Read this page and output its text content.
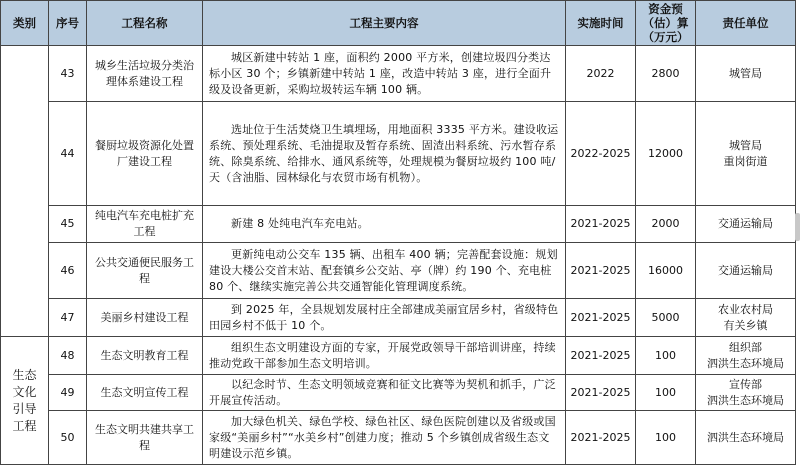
类别	序号	工程名称	工程主要内容	实施时间	资金预（估）算（万元）	责任单位
	43	城乡生活垃圾分类治理体系建设工程	城区新建中转站 1 座，面积约 2000 平方米，创建垃圾四分类达标小区 30 个；乡镇新建中转站 1 座，改造中转站 3 座，进行全面升级及设备更新，采购垃圾转运车辆 100 辆。	2022	2800	城管局

	44	餐厨垃圾资源化处置厂建设工程	选址位于生活焚烧卫生填埋场，用地面积 3335 平方米。建设收运系统、预处理系统、毛油提取及暂存系统、固渣出料系统、污水暂存系统、除臭系统、给排水、通风系统等，处理规模为餐厨垃圾约 100 吨/天（含油脂、园林绿化与农贸市场有机物）。	2022-2025	12000	城管局
重岗街道

	45	纯电汽车充电桩扩充工程	新建 8 处纯电汽车充电站。	2021-2025	2000	交通运输局

	46	公共交通便民服务工程	更新纯电动公交车 135 辆、出租车 400 辆；完善配套设施：规划建设大楼公交首末站、配套镇乡公交站、亭（牌）约 190 个、充电桩 80 个、继续实施完善公共交通智能化管理调度系统。	2021-2025	16000	交通运输局

	47	美丽乡村建设工程	到 2025 年，全县规划发展村庄全部建成美丽宜居乡村，省级特色田园乡村不低于 10 个。	2021-2025	5000	农业农村局
有关乡镇

生态文化引导工程	48	生态文明教育工程	组织生态文明建设方面的专家，开展党政领导干部培训讲座，持续推动党政干部参加生态文明培训。	2021-2025	100	组织部
泗洪生态环境局

	49	生态文明宣传工程	以纪念时节、生态文明领域竞赛和征文比赛等为契机和抓手，广泛开展宣传活动。	2021-2025	100	宣传部
泗洪生态环境局

	50	生态文明共建共享工程	加大绿色机关、绿色学校、绿色社区、绿色医院创建以及省级或国家级“美丽乡村”“水美乡村”创建力度；推动 5 个乡镇创成省级生态文明建设示范乡镇。	2021-2025	100	泗洪生态环境局
